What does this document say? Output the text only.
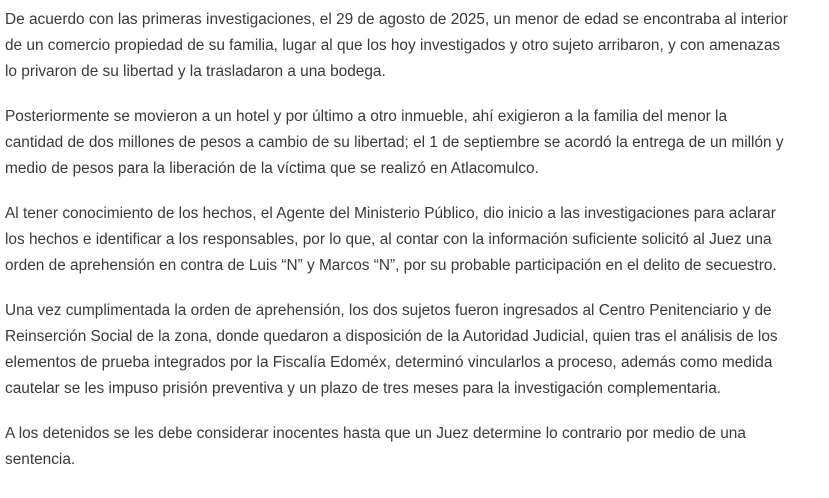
De acuerdo con las primeras investigaciones, el 29 de agosto de 2025, un menor de edad se encontraba al interior
de un comercio propiedad de su familia, lugar al que los hoy investigados y otro sujeto arribaron, y con amenazas
lo privaron de su libertad y la trasladaron a una bodega.

Posteriormente se movieron a un hotel y por último a otro inmueble, ahí exigieron a la familia del menor la
cantidad de dos millones de pesos a cambio de su libertad; el 1 de septiembre se acordó la entrega de un millón y
medio de pesos para la liberación de la víctima que se realizó en Atlacomulco.

Al tener conocimiento de los hechos, el Agente del Ministerio Público, dio inicio a las investigaciones para aclarar
los hechos e identificar a los responsables, por lo que, al contar con la información suficiente solicitó al Juez una
orden de aprehensión en contra de Luis “N” y Marcos “N”, por su probable participación en el delito de secuestro.

Una vez cumplimentada la orden de aprehensión, los dos sujetos fueron ingresados al Centro Penitenciario y de
Reinserción Social de la zona, donde quedaron a disposición de la Autoridad Judicial, quien tras el análisis de los
elementos de prueba integrados por la Fiscalía Edoméx, determinó vincularlos a proceso, además como medida
cautelar se les impuso prisión preventiva y un plazo de tres meses para la investigación complementaria.

A los detenidos se les debe considerar inocentes hasta que un Juez determine lo contrario por medio de una
sentencia.
